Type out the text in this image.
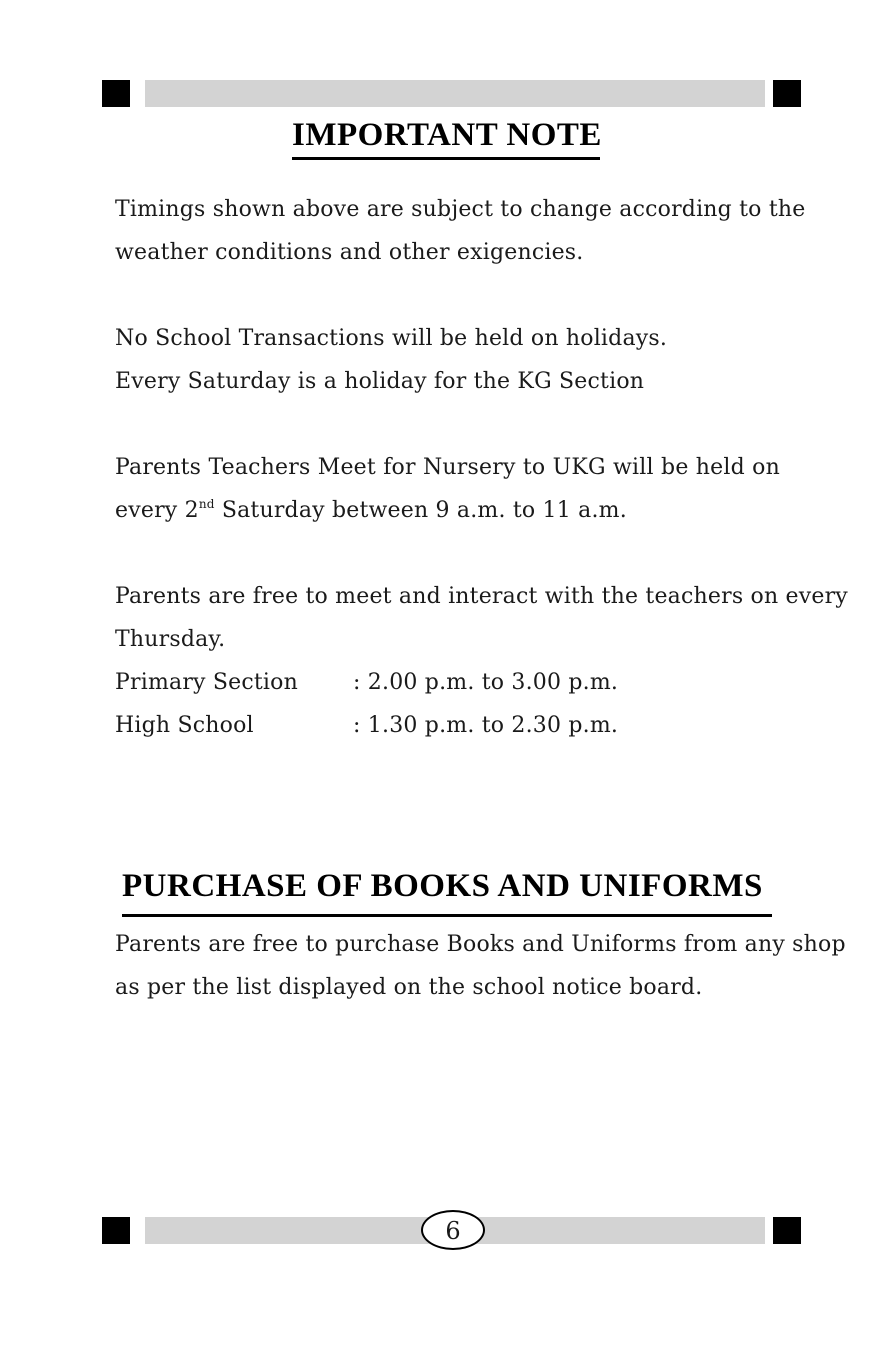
IMPORTANT NOTE
Timings shown above are subject to change according to the
weather conditions and other exigencies.
No School Transactions will be held on holidays.
Every Saturday is a holiday for the KG Section
Parents Teachers Meet for Nursery to UKG will be held on
every 2nd Saturday between 9 a.m. to 11 a.m.
Parents are free to meet and interact with the teachers on every
Thursday.
Primary Section	: 2.00 p.m. to 3.00 p.m.
High School	: 1.30 p.m. to 2.30 p.m.
PURCHASE OF BOOKS AND UNIFORMS
Parents are free to purchase Books and Uniforms from any shop
as per the list displayed on the school notice board.
6
